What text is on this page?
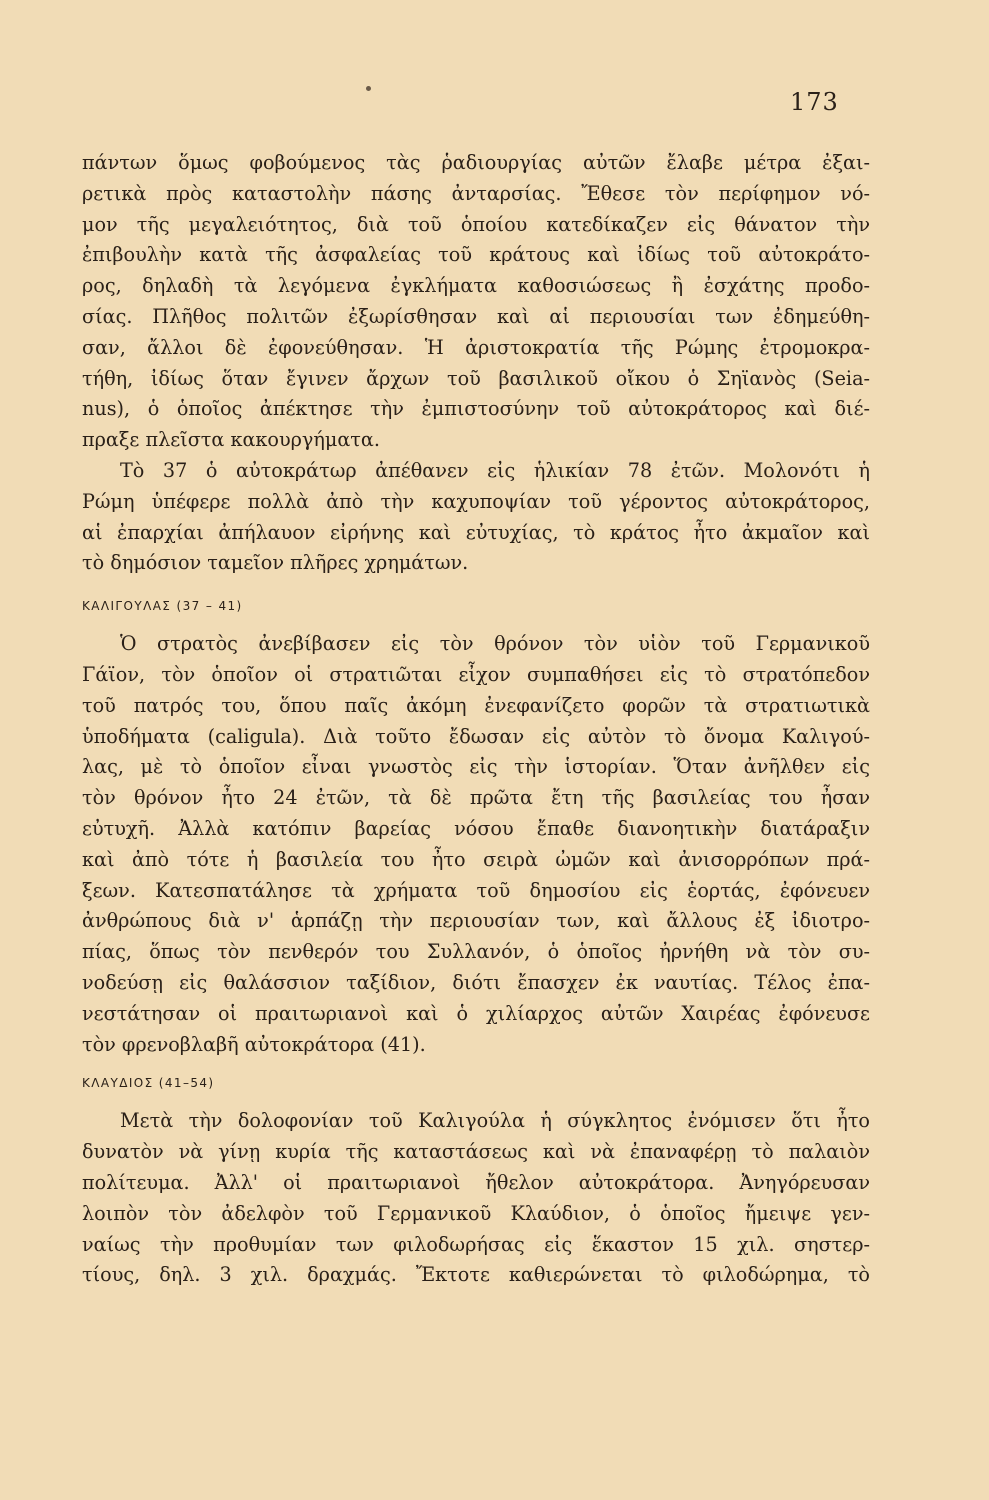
173
πάντων ὅμως φοβούμενος τὰς ῥαδιουργίας αὐτῶν ἔλαβε μέτρα ἐξαι-
ρετικὰ πρὸς καταστολὴν πάσης ἀνταρσίας. Ἔθεσε τὸν περίφημον νό-
μον τῆς μεγαλειότητος, διὰ τοῦ ὁποίου κατεδίκαζεν εἰς θάνατον τὴν
ἐπιβουλὴν κατὰ τῆς ἀσφαλείας τοῦ κράτους καὶ ἰδίως τοῦ αὐτοκράτο-
ρος, δηλαδὴ τὰ λεγόμενα ἐγκλήματα καθοσιώσεως ἢ ἐσχάτης προδο-
σίας. Πλῆθος πολιτῶν ἐξωρίσθησαν καὶ αἱ περιουσίαι των ἐδημεύθη-
σαν, ἄλλοι δὲ ἐφονεύθησαν. Ἡ ἀριστοκρατία τῆς Ρώμης ἐτρομοκρα-
τήθη, ἰδίως ὅταν ἔγινεν ἄρχων τοῦ βασιλικοῦ οἴκου ὁ Σηϊανὸς (Seia-
nus), ὁ ὁποῖος ἀπέκτησε τὴν ἐμπιστοσύνην τοῦ αὐτοκράτορος καὶ διέ-
πραξε πλεῖστα κακουργήματα.
Τὸ 37 ὁ αὐτοκράτωρ ἀπέθανεν εἰς ἡλικίαν 78 ἐτῶν. Μολονότι ἡ
Ρώμη ὑπέφερε πολλὰ ἀπὸ τὴν καχυποψίαν τοῦ γέροντος αὐτοκράτορος,
αἱ ἐπαρχίαι ἀπήλαυον εἰρήνης καὶ εὐτυχίας, τὸ κράτος ἦτο ἀκμαῖον καὶ
τὸ δημόσιον ταμεῖον πλῆρες χρημάτων.
ΚΑΛΙΓΟΥΛΑΣ (37 – 41)
Ὁ στρατὸς ἀνεβίβασεν εἰς τὸν θρόνον τὸν υἱὸν τοῦ Γερμανικοῦ
Γάϊον, τὸν ὁποῖον οἱ στρατιῶται εἶχον συμπαθήσει εἰς τὸ στρατόπεδον
τοῦ πατρός του, ὅπου παῖς ἀκόμη ἐνεφανίζετο φορῶν τὰ στρατιωτικὰ
ὑποδήματα (caligula). Διὰ τοῦτο ἔδωσαν εἰς αὐτὸν τὸ ὄνομα Καλιγού-
λας, μὲ τὸ ὁποῖον εἶναι γνωστὸς εἰς τὴν ἱστορίαν. Ὅταν ἀνῆλθεν εἰς
τὸν θρόνον ἦτο 24 ἐτῶν, τὰ δὲ πρῶτα ἔτη τῆς βασιλείας του ἦσαν
εὐτυχῆ. Ἀλλὰ κατόπιν βαρείας νόσου ἔπαθε διανοητικὴν διατάραξιν
καὶ ἀπὸ τότε ἡ βασιλεία του ἦτο σειρὰ ὠμῶν καὶ ἀνισορρόπων πρά-
ξεων. Κατεσπατάλησε τὰ χρήματα τοῦ δημοσίου εἰς ἑορτάς, ἐφόνευεν
ἀνθρώπους διὰ ν' ἁρπάζῃ τὴν περιουσίαν των, καὶ ἄλλους ἐξ ἰδιοτρο-
πίας, ὅπως τὸν πενθερόν του Συλλανόν, ὁ ὁποῖος ἠρνήθη νὰ τὸν συ-
νοδεύσῃ εἰς θαλάσσιον ταξίδιον, διότι ἔπασχεν ἐκ ναυτίας. Τέλος ἐπα-
νεστάτησαν οἱ πραιτωριανοὶ καὶ ὁ χιλίαρχος αὐτῶν Χαιρέας ἐφόνευσε
τὸν φρενοβλαβῆ αὐτοκράτορα (41).
ΚΛΑΥΔΙΟΣ (41–54)
Μετὰ τὴν δολοφονίαν τοῦ Καλιγούλα ἡ σύγκλητος ἐνόμισεν ὅτι ἦτο
δυνατὸν νὰ γίνῃ κυρία τῆς καταστάσεως καὶ νὰ ἐπαναφέρῃ τὸ παλαιὸν
πολίτευμα. Ἀλλ' οἱ πραιτωριανοὶ ἤθελον αὐτοκράτορα. Ἀνηγόρευσαν
λοιπὸν τὸν ἀδελφὸν τοῦ Γερμανικοῦ Κλαύδιον, ὁ ὁποῖος ἤμειψε γεν-
ναίως τὴν προθυμίαν των φιλοδωρήσας εἰς ἕκαστον 15 χιλ. σηστερ-
τίους, δηλ. 3 χιλ. δραχμάς. Ἔκτοτε καθιερώνεται τὸ φιλοδώρημα, τὸ
